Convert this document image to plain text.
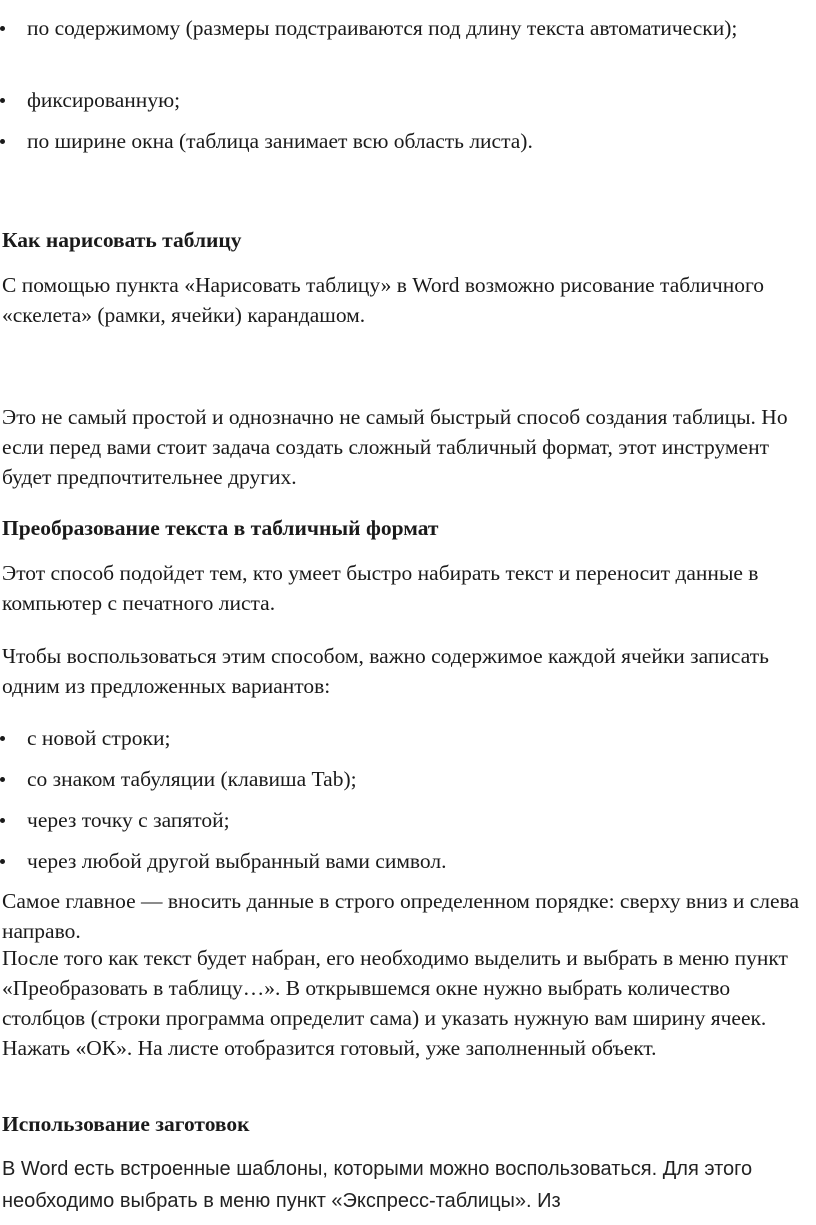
по содержимому (размеры подстраиваются под длину текста автоматически);
фиксированную;
по ширине окна (таблица занимает всю область листа).

Как нарисовать таблицу

С помощью пункта «Нарисовать таблицу» в Word возможно рисование табличного «скелета» (рамки, ячейки) карандашом.

Это не самый простой и однозначно не самый быстрый способ создания таблицы. Но если перед вами стоит задача создать сложный табличный формат, этот инструмент будет предпочтительнее других.

Преобразование текста в табличный формат

Этот способ подойдет тем, кто умеет быстро набирать текст и переносит данные в компьютер с печатного листа.

Чтобы воспользоваться этим способом, важно содержимое каждой ячейки записать одним из предложенных вариантов:

с новой строки;
со знаком табуляции (клавиша Tab);
через точку с запятой;
через любой другой выбранный вами символ.

Самое главное — вносить данные в строго определенном порядке: сверху вниз и слева направо.

После того как текст будет набран, его необходимо выделить и выбрать в меню пункт «Преобразовать в таблицу…». В открывшемся окне нужно выбрать количество столбцов (строки программа определит сама) и указать нужную вам ширину ячеек. Нажать «ОК». На листе отобразится готовый, уже заполненный объект.

Использование заготовок

В Word есть встроенные шаблоны, которыми можно воспользоваться. Для этого необходимо выбрать в меню пункт «Экспресс-таблицы». Из
